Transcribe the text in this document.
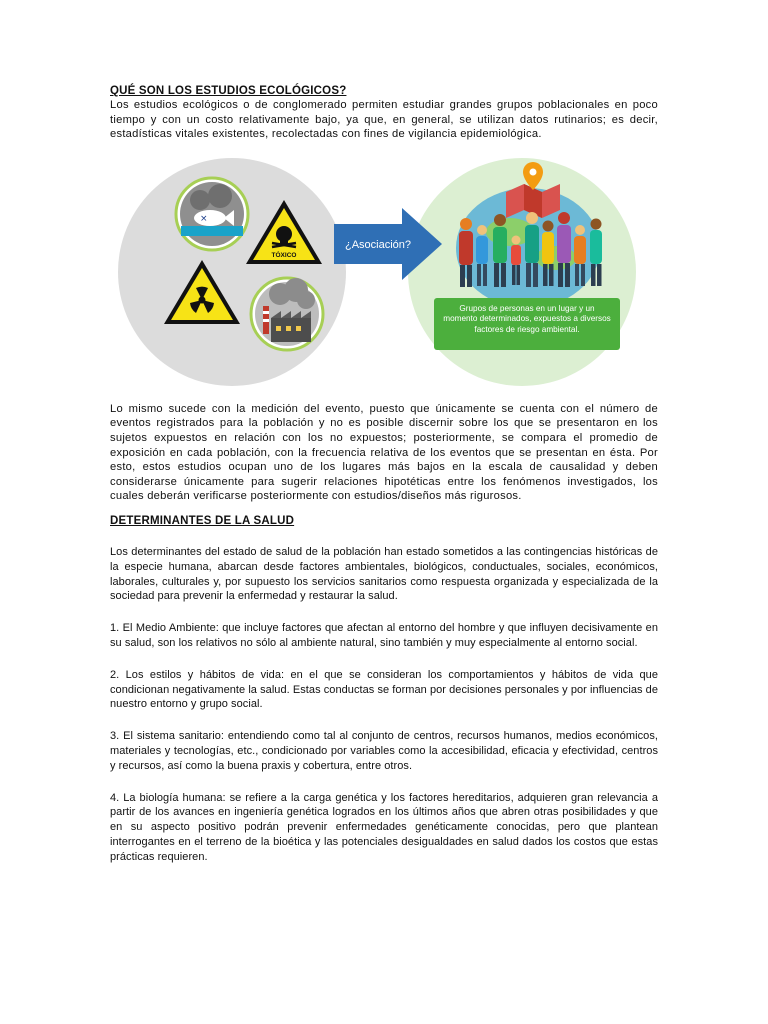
QUÉ SON LOS ESTUDIOS ECOLÓGICOS?

Los estudios ecológicos o de conglomerado permiten estudiar grandes grupos poblacionales en poco tiempo y con un costo relativamente bajo, ya que, en general, se utilizan datos rutinarios; es decir, estadísticas vitales existentes, recolectadas con fines de vigilancia epidemiológica.

×
TÓXICO
¿Asociación?
Grupos de personas en un lugar y un momento determinados, expuestos a diversos factores de riesgo ambiental.

Lo mismo sucede con la medición del evento, puesto que únicamente se cuenta con el número de eventos registrados para la población y no es posible discernir sobre los que se presentaron en los sujetos expuestos en relación con los no expuestos; posteriormente, se compara el promedio de exposición en cada población, con la frecuencia relativa de los eventos que se presentan en ésta. Por esto, estos estudios ocupan uno de los lugares más bajos en la escala de causalidad y deben considerarse únicamente para sugerir relaciones hipotéticas entre los fenómenos investigados, los cuales deberán verificarse posteriormente con estudios/diseños más rigurosos.

DETERMINANTES DE LA SALUD

Los determinantes del estado de salud de la población han estado sometidos a las contingencias históricas de la especie humana, abarcan desde factores ambientales, biológicos, conductuales, sociales, económicos, laborales, culturales y, por supuesto los servicios sanitarios como respuesta organizada y especializada de la sociedad para prevenir la enfermedad y restaurar la salud.

1. El Medio Ambiente: que incluye factores que afectan al entorno del hombre y que influyen decisivamente en su salud, son los relativos no sólo al ambiente natural, sino también y muy especialmente al entorno social.

2. Los estilos y hábitos de vida: en el que se consideran los comportamientos y hábitos de vida que condicionan negativamente la salud. Estas conductas se forman por decisiones personales y por influencias de nuestro entorno y grupo social.

3. El sistema sanitario: entendiendo como tal al conjunto de centros, recursos humanos, medios económicos, materiales y tecnologías, etc., condicionado por variables como la accesibilidad, eficacia y efectividad, centros y recursos, así como la buena praxis y cobertura, entre otros.

4. La biología humana: se refiere a la carga genética y los factores hereditarios, adquieren gran relevancia a partir de los avances en ingeniería genética logrados en los últimos años que abren otras posibilidades y que en su aspecto positivo podrán prevenir enfermedades genéticamente conocidas, pero que plantean interrogantes en el terreno de la bioética y las potenciales desigualdades en salud dados los costos que estas prácticas requieren.
